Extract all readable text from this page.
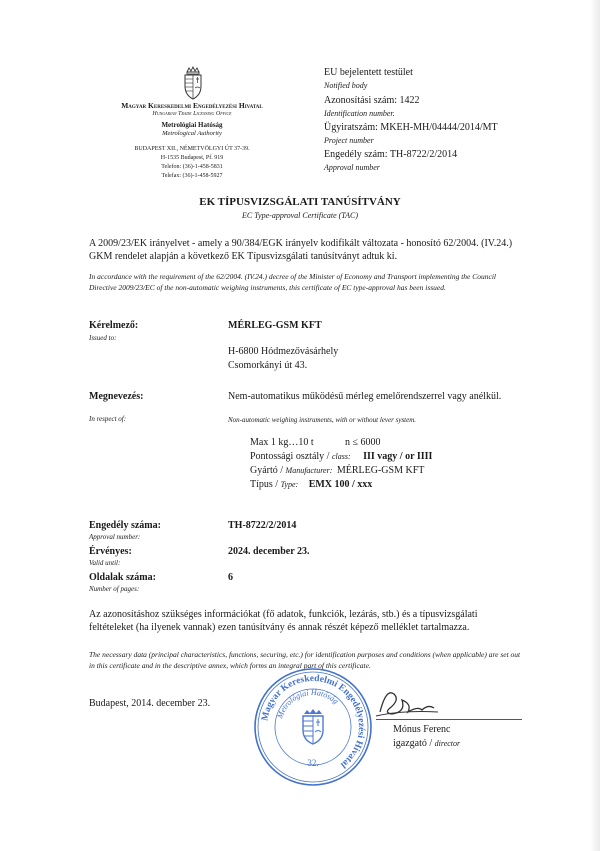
Magyar Kereskedelmi Engedélyezési Hivatal
Hungarian Trade Licensing Office
Metrológiai Hatóság
Metrological Authority
BUDAPEST XII., NÉMETVÖLGYI ÚT 37-39.
H-1535 Budapest, Pf. 919
Telefon: (36)-1-458-5831
Telefax: (36)-1-458-5927
EU bejelentett testület
Notified body
Azonosítási szám: 1422
Identification number.
Ügyiratszám: MKEH-MH/04444/2014/MT
Project number
Engedély szám: TH-8722/2/2014
Approval number
EK TÍPUSVIZSGÁLATI TANÚSÍTVÁNY
EC Type-approval Certificate (TAC)
A 2009/23/EK irányelvet - amely a 90/384/EGK irányelv kodifikált változata - honosító 62/2004. (IV.24.) GKM rendelet alapján a következő EK Típusvizsgálati tanúsítványt adtuk ki.
In accordance with the requirement of the 62/2004. (IV.24.) decree of the Minister of Economy and Transport implementing the Council Directive 2009/23/EC of the non-automatic weighing instruments, this certificate of EC type-approval has been issued.
Kérelmező:
Issued to:
MÉRLEG-GSM KFT
H-6800 Hódmezővásárhely
Csomorkányi út 43.
Megnevezés:
In respect of:
Nem-automatikus működésű mérleg emelőrendszerrel vagy anélkül.
Non-automatic weighing instruments, with or without lever system.
Max 1 kg…10 t	n ≤ 6000
Pontossági osztály / class: III vagy / or IIII
Gyártó / Manufacturer: MÉRLEG-GSM KFT
Típus / Type: EMX 100 / xxx
Engedély száma:
Approval number:
TH-8722/2/2014
Érvényes:
Valid until:
2024. december 23.
Oldalak száma:
Number of pages:
6
Az azonosításhoz szükséges információkat (fő adatok, funkciók, lezárás, stb.) és a típusvizsgálati feltételeket (ha ilyenek vannak) ezen tanúsítvány és annak részét képező melléklet tartalmazza.
The necessary data (principal characteristics, functions, securing, etc.) for identification purposes and conditions (when applicable) are set out in this certificate and in the descriptive annex, which forms an integral part of this certificate.
Budapest, 2014. december 23.
Magyar Kereskedelmi Engedélyezési Hivatal
Metrológiai Hatóság
32.
Mónus Ferenc
igazgató / director
